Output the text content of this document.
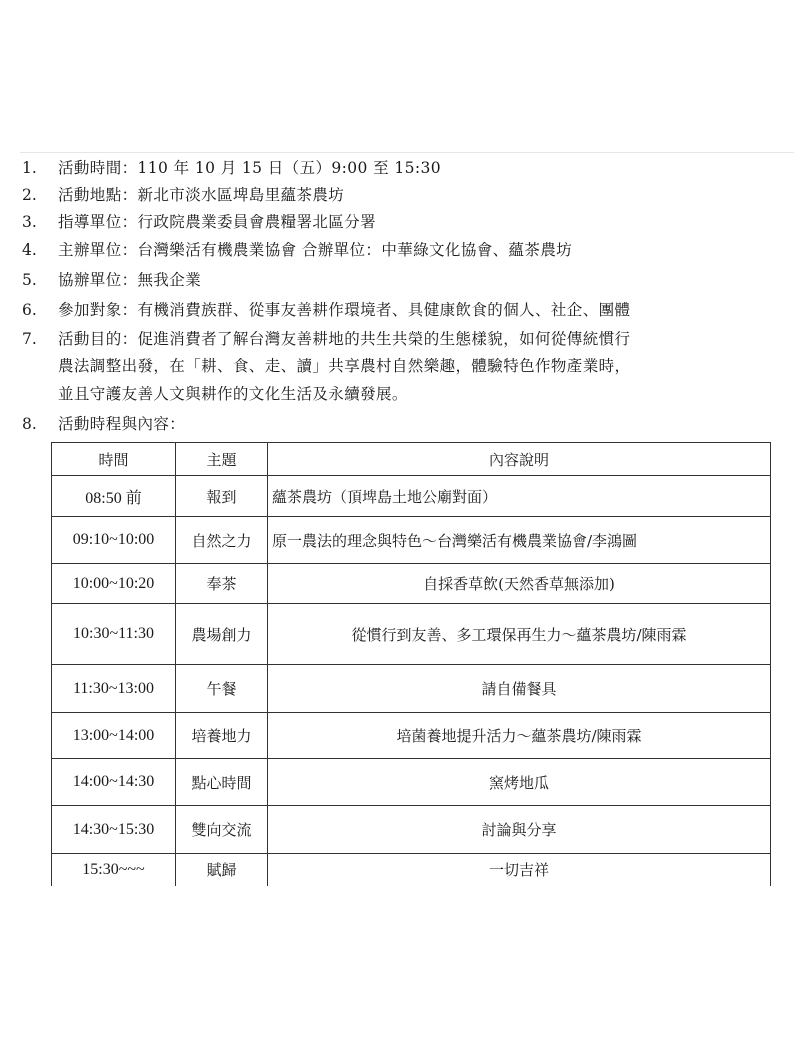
1. 活動時間：110 年 10 月 15 日（五）9:00 至 15:30
2. 活動地點：新北市淡水區埤島里蘊茶農坊
3. 指導單位：行政院農業委員會農糧署北區分署
4. 主辦單位：台灣樂活有機農業協會 合辦單位：中華綠文化協會、蘊茶農坊
5. 協辦單位：無我企業
6. 參加對象：有機消費族群、從事友善耕作環境者、具健康飲食的個人、社企、團體
7. 活動目的：促進消費者了解台灣友善耕地的共生共榮的生態樣貌，如何從傳統慣行
農法調整出發，在「耕、食、走、讀」共享農村自然樂趣，體驗特色作物產業時，
並且守護友善人文與耕作的文化生活及永續發展。
8. 活動時程與內容：
時間	主題	內容說明
08:50 前	報到	蘊茶農坊（頂埤島土地公廟對面）
09:10~10:00	自然之力	原一農法的理念與特色～台灣樂活有機農業協會/李鴻圖
10:00~10:20	奉茶	自採香草飲(天然香草無添加)
10:30~11:30	農場創力	從慣行到友善、多工環保再生力～蘊茶農坊/陳雨霖
11:30~13:00	午餐	請自備餐具
13:00~14:00	培養地力	培菌養地提升活力～蘊茶農坊/陳雨霖
14:00~14:30	點心時間	窯烤地瓜
14:30~15:30	雙向交流	討論與分享
15:30~~~	賦歸	一切吉祥
